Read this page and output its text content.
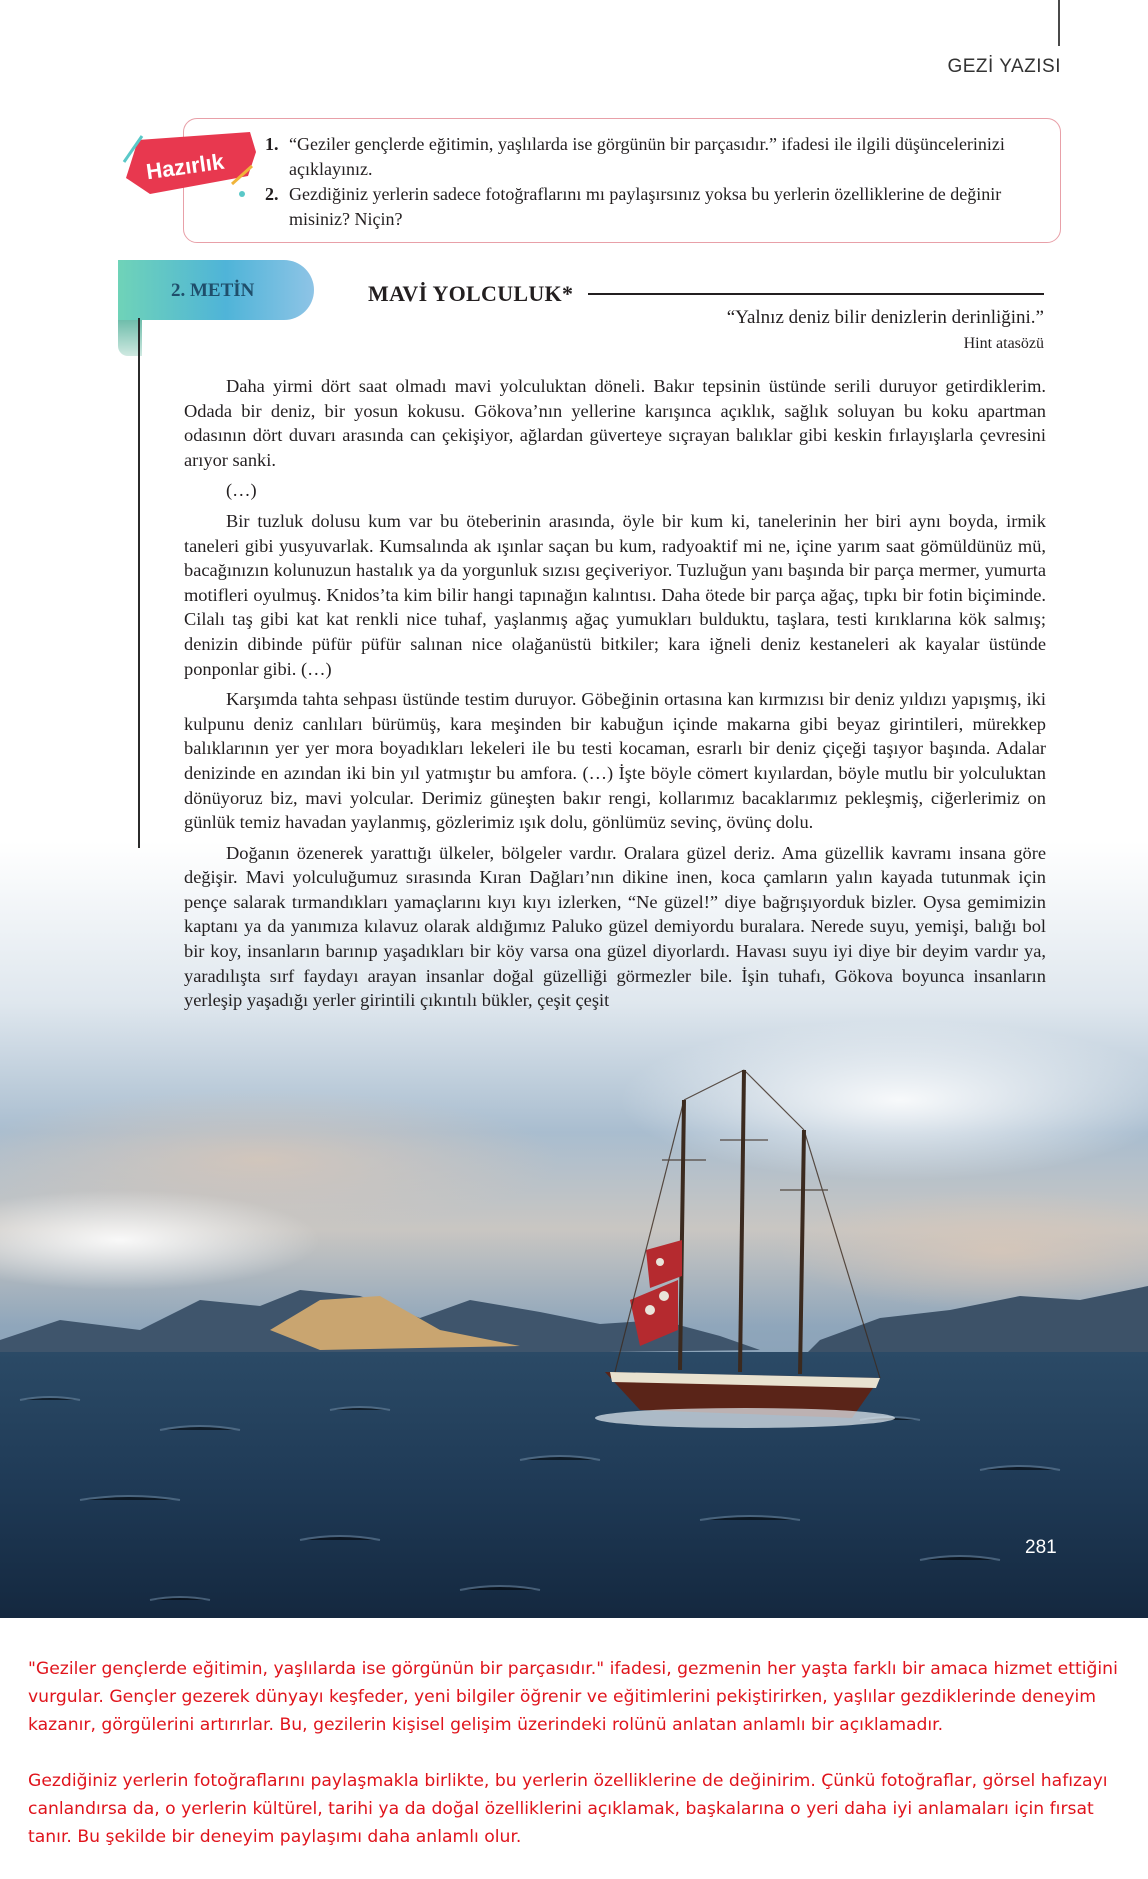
GEZİ YAZISI
Hazırlık
1. “Geziler gençlerde eğitimin, yaşlılarda ise görgünün bir parçasıdır.” ifadesi ile ilgili düşüncelerinizi açıklayınız.
2. Gezdiğiniz yerlerin sadece fotoğraflarını mı paylaşırsınız yoksa bu yerlerin özelliklerine de değinir misiniz? Niçin?
2. METİN	MAVİ YOLCULUK*
“Yalnız deniz bilir denizlerin derinliğini.”
Hint atasözü

Daha yirmi dört saat olmadı mavi yolculuktan döneli. Bakır tepsinin üstünde serili duruyor getirdiklerim. Odada bir deniz, bir yosun kokusu. Gökova’nın yellerine karışınca açıklık, sağlık soluyan bu koku apartman odasının dört duvarı arasında can çekişiyor, ağlardan güverteye sıçrayan balıklar gibi keskin fırlayışlarla çevresini arıyor sanki.

(…)

Bir tuzluk dolusu kum var bu öteberinin arasında, öyle bir kum ki, tanelerinin her biri aynı boyda, irmik taneleri gibi yusyuvarlak. Kumsalında ak ışınlar saçan bu kum, radyoaktif mi ne, içine yarım saat gömüldünüz mü, bacağınızın kolunuzun hastalık ya da yorgunluk sızısı geçiveriyor. Tuzluğun yanı başında bir parça mermer, yumurta motifleri oyulmuş. Knidos’ta kim bilir hangi tapınağın kalıntısı. Daha ötede bir parça ağaç, tıpkı bir fotin biçiminde. Cilalı taş gibi kat kat renkli nice tuhaf, yaşlanmış ağaç yumukları bulduktu, taşlara, testi kırıklarına kök salmış; denizin dibinde püfür püfür salınan nice olağanüstü bitkiler; kara iğneli deniz kestaneleri ak kayalar üstünde ponponlar gibi. (…)

Karşımda tahta sehpası üstünde testim duruyor. Göbeğinin ortasına kan kırmızısı bir deniz yıldızı yapışmış, iki kulpunu deniz canlıları bürümüş, kara meşinden bir kabuğun içinde makarna gibi beyaz girintileri, mürekkep balıklarının yer yer mora boyadıkları lekeleri ile bu testi kocaman, esrarlı bir deniz çiçeği taşıyor başında. Adalar denizinde en azından iki bin yıl yatmıştır bu amfora. (…) İşte böyle cömert kıyılardan, böyle mutlu bir yolculuktan dönüyoruz biz, mavi yolcular. Derimiz güneşten bakır rengi, kollarımız bacaklarımız pekleşmiş, ciğerlerimiz on günlük temiz havadan yaylanmış, gözlerimiz ışık dolu, gönlümüz sevinç, övünç dolu.

Doğanın özenerek yarattığı ülkeler, bölgeler vardır. Oralara güzel deriz. Ama güzellik kavramı insana göre değişir. Mavi yolculuğumuz sırasında Kıran Dağları’nın dikine inen, koca çamların yalın kayada tutunmak için pençe salarak tırmandıkları yamaçlarını kıyı kıyı izlerken, “Ne güzel!” diye bağrışıyorduk bizler. Oysa gemimizin kaptanı ya da yanımıza kılavuz olarak aldığımız Paluko güzel demiyordu buralara. Nerede suyu, yemişi, balığı bol bir koy, insanların barınıp yaşadıkları bir köy varsa ona güzel diyorlardı. Havası suyu iyi diye bir deyim vardır ya, yaradılışta sırf faydayı arayan insanlar doğal güzelliği görmezler bile. İşin tuhafı, Gökova boyunca insanların yerleşip yaşadığı yerler girintili çıkıntılı bükler, çeşit çeşit

281

"Geziler gençlerde eğitimin, yaşlılarda ise görgünün bir parçasıdır." ifadesi, gezmenin her yaşta farklı bir amaca hizmet ettiğini vurgular. Gençler gezerek dünyayı keşfeder, yeni bilgiler öğrenir ve eğitimlerini pekiştirirken, yaşlılar gezdiklerinde deneyim kazanır, görgülerini artırırlar. Bu, gezilerin kişisel gelişim üzerindeki rolünü anlatan anlamlı bir açıklamadır.

Gezdiğiniz yerlerin fotoğraflarını paylaşmakla birlikte, bu yerlerin özelliklerine de değinirim. Çünkü fotoğraflar, görsel hafızayı canlandırsa da, o yerlerin kültürel, tarihi ya da doğal özelliklerini açıklamak, başkalarına o yeri daha iyi anlamaları için fırsat tanır. Bu şekilde bir deneyim paylaşımı daha anlamlı olur.
